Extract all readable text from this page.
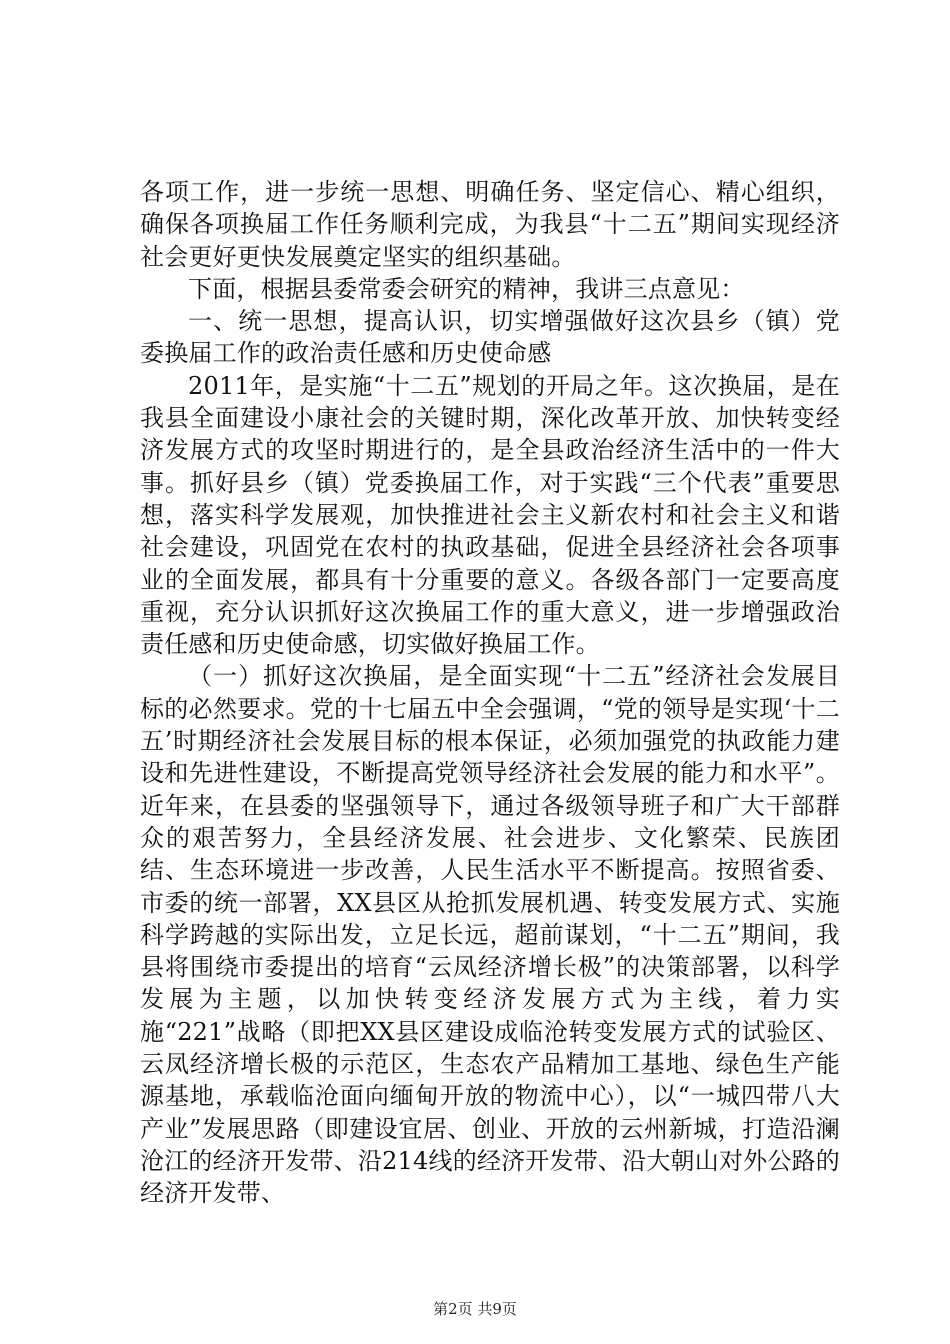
各项工作，进一步统一思想、明确任务、坚定信心、精心组织，确保各项换届工作任务顺利完成，为我县“十二五”期间实现经济社会更好更快发展奠定坚实的组织基础。

下面，根据县委常委会研究的精神，我讲三点意见：

一、统一思想，提高认识，切实增强做好这次县乡（镇）党委换届工作的政治责任感和历史使命感

2011年，是实施“十二五”规划的开局之年。这次换届，是在我县全面建设小康社会的关键时期，深化改革开放、加快转变经济发展方式的攻坚时期进行的，是全县政治经济生活中的一件大事。抓好县乡（镇）党委换届工作，对于实践“三个代表”重要思想，落实科学发展观，加快推进社会主义新农村和社会主义和谐社会建设，巩固党在农村的执政基础，促进全县经济社会各项事业的全面发展，都具有十分重要的意义。各级各部门一定要高度重视，充分认识抓好这次换届工作的重大意义，进一步增强政治责任感和历史使命感，切实做好换届工作。

（一）抓好这次换届，是全面实现“十二五”经济社会发展目标的必然要求。党的十七届五中全会强调，“党的领导是实现‘十二五’时期经济社会发展目标的根本保证，必须加强党的执政能力建设和先进性建设，不断提高党领导经济社会发展的能力和水平”。近年来，在县委的坚强领导下，通过各级领导班子和广大干部群众的艰苦努力，全县经济发展、社会进步、文化繁荣、民族团结、生态环境进一步改善，人民生活水平不断提高。按照省委、市委的统一部署，XX县区从抢抓发展机遇、转变发展方式、实施科学跨越的实际出发，立足长远，超前谋划，“十二五”期间，我县将围绕市委提出的培育“云凤经济增长极”的决策部署，以科学发展为主题，以加快转变经济发展方式为主线，着力实施“221”战略（即把XX县区建设成临沧转变发展方式的试验区、云凤经济增长极的示范区，生态农产品精加工基地、绿色生产能源基地，承载临沧面向缅甸开放的物流中心），以“一城四带八大产业”发展思路（即建设宜居、创业、开放的云州新城，打造沿澜沧江的经济开发带、沿214线的经济开发带、沿大朝山对外公路的经济开发带、

第2页 共9页
